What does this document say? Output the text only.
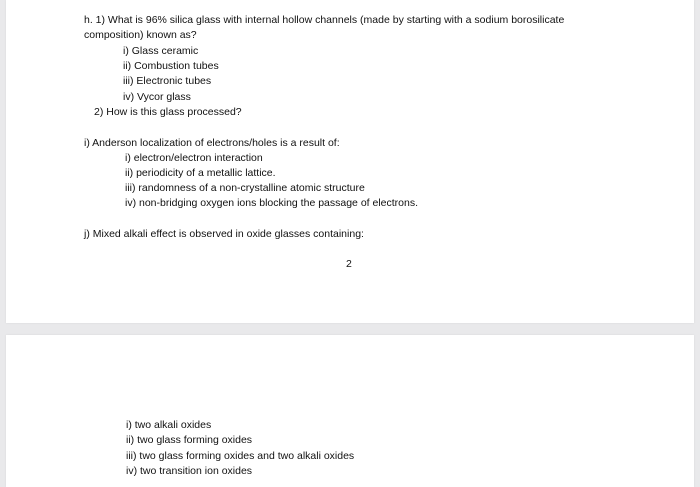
h. 1) What is 96% silica glass with internal hollow channels (made by starting with a sodium borosilicate
composition) known as?
i) Glass ceramic
ii) Combustion tubes
iii) Electronic tubes
iv) Vycor glass
2) How is this glass processed?
i) Anderson localization of electrons/holes is a result of:
i) electron/electron interaction
ii) periodicity of a metallic lattice.
iii) randomness of a non-crystalline atomic structure
iv) non-bridging oxygen ions blocking the passage of electrons.
j) Mixed alkali effect is observed in oxide glasses containing:
2
i) two alkali oxides
ii) two glass forming oxides
iii) two glass forming oxides and two alkali oxides
iv) two transition ion oxides
